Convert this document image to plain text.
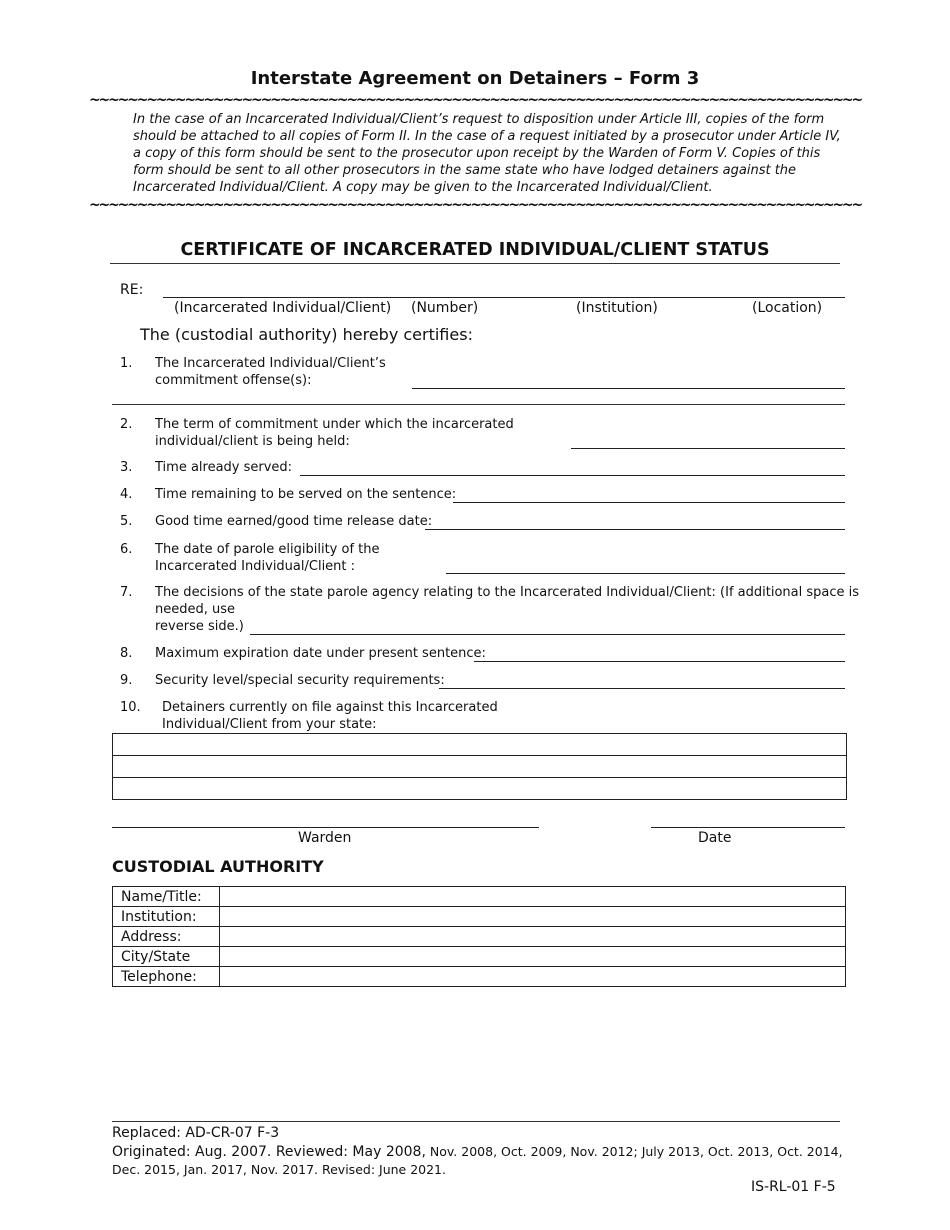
Interstate Agreement on Detainers – Form 3
~~~~~~~~~~~~~~~~~~~~~~~~~~~~~~~~~~~~~~~~~~~~~~~~~~~~~~~~~~~~~~~~~~~~~~~~~~~~~~~~~
In the case of an Incarcerated Individual/Client’s request to disposition under Article III, copies of the form should be attached to all copies of Form II. In the case of a request initiated by a prosecutor under Article IV, a copy of this form should be sent to the prosecutor upon receipt by the Warden of Form V. Copies of this form should be sent to all other prosecutors in the same state who have lodged detainers against the Incarcerated Individual/Client. A copy may be given to the Incarcerated Individual/Client.
~~~~~~~~~~~~~~~~~~~~~~~~~~~~~~~~~~~~~~~~~~~~~~~~~~~~~~~~~~~~~~~~~~~~~~~~~~~~~~~~~
CERTIFICATE OF INCARCERATED INDIVIDUAL/CLIENT STATUS
RE:
(Incarcerated Individual/Client) (Number)	(Institution)	(Location)
The (custodial authority) hereby certifies:
1. The Incarcerated Individual/Client’s
commitment offense(s):
2. The term of commitment under which the incarcerated
individual/client is being held:
3. Time already served:
4. Time remaining to be served on the sentence:
5. Good time earned/good time release date:
6. The date of parole eligibility of the
Incarcerated Individual/Client :
7. The decisions of the state parole agency relating to the Incarcerated Individual/Client: (If additional space is
needed, use
reverse side.)
8. Maximum expiration date under present sentence:
9. Security level/special security requirements:
10. Detainers currently on file against this Incarcerated
Individual/Client from your state:
Warden	Date
CUSTODIAL AUTHORITY
Name/Title:	
Institution:	
Address:	
City/State	
Telephone:	
Replaced: AD-CR-07 F-3
Originated: Aug. 2007. Reviewed: May 2008, Nov. 2008, Oct. 2009, Nov. 2012; July 2013, Oct. 2013, Oct. 2014,
Dec. 2015, Jan. 2017, Nov. 2017. Revised: June 2021.
IS-RL-01 F-5
